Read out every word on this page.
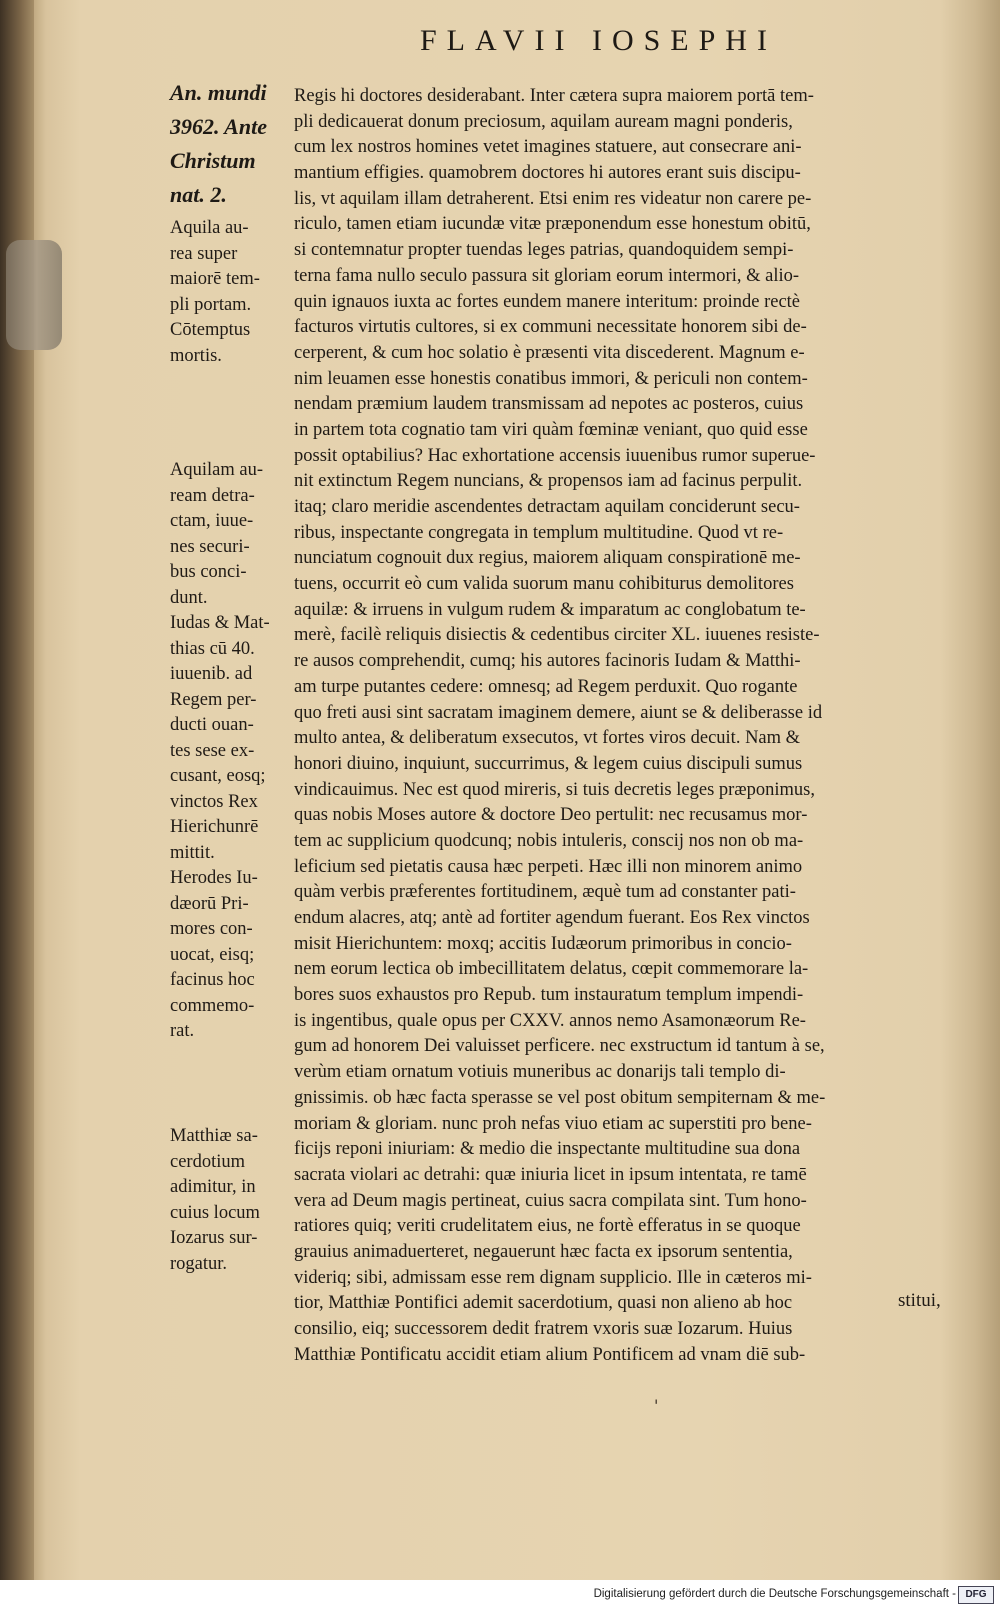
FLAVII IOSEPHI
An. mundi
3962. Ante
Christum
nat. 2.
Aquila au-
rea super
maiorē tem-
pli portam.
Cōtemptus
mortis.
Aquilam au-
ream detra-
ctam, iuue-
nes securi-
bus conci-
dunt.
Iudas & Mat-
thias cū 40.
iuuenib. ad
Regem per-
ducti ouan-
tes sese ex-
cusant, eosq;
vinctos Rex
Hierichunrē
mittit.
Herodes Iu-
dæorū Pri-
mores con-
uocat, eisq;
facinus hoc
commemo-
rat.
Matthiæ sa-
cerdotium
adimitur, in
cuius locum
Iozarus sur-
rogatur.
Regis hi doctores desiderabant. Inter cætera supra maiorem portā tem-
pli dedicauerat donum preciosum, aquilam auream magni ponderis,
cum lex nostros homines vetet imagines statuere, aut consecrare ani-
mantium effigies. quamobrem doctores hi autores erant suis discipu-
lis, vt aquilam illam detraherent. Etsi enim res videatur non carere pe-
riculo, tamen etiam iucundæ vitæ præponendum esse honestum obitū,
si contemnatur propter tuendas leges patrias, quandoquidem sempi-
terna fama nullo seculo passura sit gloriam eorum intermori, & alio-
quin ignauos iuxta ac fortes eundem manere interitum: proinde rectè
facturos virtutis cultores, si ex communi necessitate honorem sibi de-
cerperent, & cum hoc solatio è præsenti vita discederent. Magnum e-
nim leuamen esse honestis conatibus immori, & periculi non contem-
nendam præmium laudem transmissam ad nepotes ac posteros, cuius
in partem tota cognatio tam viri quàm fœminæ veniant, quo quid esse
possit optabilius? Hac exhortatione accensis iuuenibus rumor superue-
nit extinctum Regem nuncians, & propensos iam ad facinus perpulit.
itaq; claro meridie ascendentes detractam aquilam conciderunt secu-
ribus, inspectante congregata in templum multitudine. Quod vt re-
nunciatum cognouit dux regius, maiorem aliquam conspirationē me-
tuens, occurrit eò cum valida suorum manu cohibiturus demolitores
aquilæ: & irruens in vulgum rudem & imparatum ac conglobatum te-
merè, facilè reliquis disiectis & cedentibus circiter XL. iuuenes resiste-
re ausos comprehendit, cumq; his autores facinoris Iudam & Matthi-
am turpe putantes cedere: omnesq; ad Regem perduxit. Quo rogante
quo freti ausi sint sacratam imaginem demere, aiunt se & deliberasse id
multo antea, & deliberatum exsecutos, vt fortes viros decuit. Nam &
honori diuino, inquiunt, succurrimus, & legem cuius discipuli sumus
vindicauimus. Nec est quod mireris, si tuis decretis leges præponimus,
quas nobis Moses autore & doctore Deo pertulit: nec recusamus mor-
tem ac supplicium quodcunq; nobis intuleris, conscij nos non ob ma-
leficium sed pietatis causa hæc perpeti. Hæc illi non minorem animo
quàm verbis præferentes fortitudinem, æquè tum ad constanter pati-
endum alacres, atq; antè ad fortiter agendum fuerant. Eos Rex vinctos
misit Hierichuntem: moxq; accitis Iudæorum primoribus in concio-
nem eorum lectica ob imbecillitatem delatus, cœpit commemorare la-
bores suos exhaustos pro Repub. tum instauratum templum impendi-
is ingentibus, quale opus per CXXV. annos nemo Asamonæorum Re-
gum ad honorem Dei valuisset perficere. nec exstructum id tantum à se,
verùm etiam ornatum votiuis muneribus ac donarijs tali templo di-
gnissimis. ob hæc facta sperasse se vel post obitum sempiternam & me-
moriam & gloriam. nunc proh nefas viuo etiam ac superstiti pro bene-
ficijs reponi iniuriam: & medio die inspectante multitudine sua dona
sacrata violari ac detrahi: quæ iniuria licet in ipsum intentata, re tamē
vera ad Deum magis pertineat, cuius sacra compilata sint. Tum hono-
ratiores quiq; veriti crudelitatem eius, ne fortè efferatus in se quoque
grauius animaduerteret, negauerunt hæc facta ex ipsorum sententia,
videriq; sibi, admissam esse rem dignam supplicio. Ille in cæteros mi-
tior, Matthiæ Pontifici ademit sacerdotium, quasi non alieno ab hoc
consilio, eiq; successorem dedit fratrem vxoris suæ Iozarum. Huius
Matthiæ Pontificatu accidit etiam alium Pontificem ad vnam diē sub-
stitui,
'
Digitalisierung gefördert durch die Deutsche Forschungsgemeinschaft - DFG
